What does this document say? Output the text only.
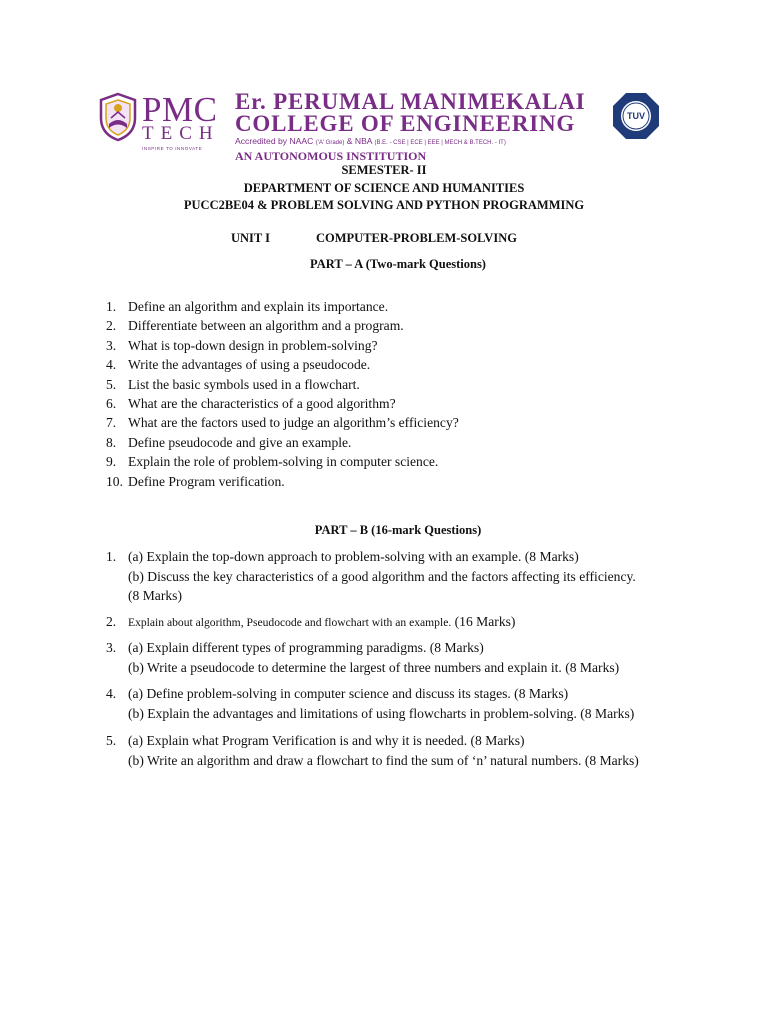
PMC
TECH
INSPIRE TO INNOVATE
Er. PERUMAL MANIMEKALAI
COLLEGE OF ENGINEERING
Accredited by NAAC ('A' Grade) & NBA (B.E. - CSE | ECE | EEE | MECH & B.TECH. - IT)
AN AUTONOMOUS INSTITUTION
TUV
SEMESTER- II
DEPARTMENT OF SCIENCE AND HUMANITIES
PUCC2BE04 & PROBLEM SOLVING AND PYTHON PROGRAMMING
UNIT I	COMPUTER-PROBLEM-SOLVING
PART – A (Two-mark Questions)
1. Define an algorithm and explain its importance.
2. Differentiate between an algorithm and a program.
3. What is top-down design in problem-solving?
4. Write the advantages of using a pseudocode.
5. List the basic symbols used in a flowchart.
6. What are the characteristics of a good algorithm?
7. What are the factors used to judge an algorithm’s efficiency?
8. Define pseudocode and give an example.
9. Explain the role of problem-solving in computer science.
10. Define Program verification.
PART – B (16-mark Questions)
1. (a) Explain the top-down approach to problem-solving with an example. (8 Marks)
(b) Discuss the key characteristics of a good algorithm and the factors affecting its efficiency.
(8 Marks)
2. Explain about algorithm, Pseudocode and flowchart with an example. (16 Marks)
3. (a) Explain different types of programming paradigms. (8 Marks)
(b) Write a pseudocode to determine the largest of three numbers and explain it. (8 Marks)
4. (a) Define problem-solving in computer science and discuss its stages. (8 Marks)
(b) Explain the advantages and limitations of using flowcharts in problem-solving. (8 Marks)
5. (a) Explain what Program Verification is and why it is needed. (8 Marks)
(b) Write an algorithm and draw a flowchart to find the sum of ‘n’ natural numbers. (8 Marks)
